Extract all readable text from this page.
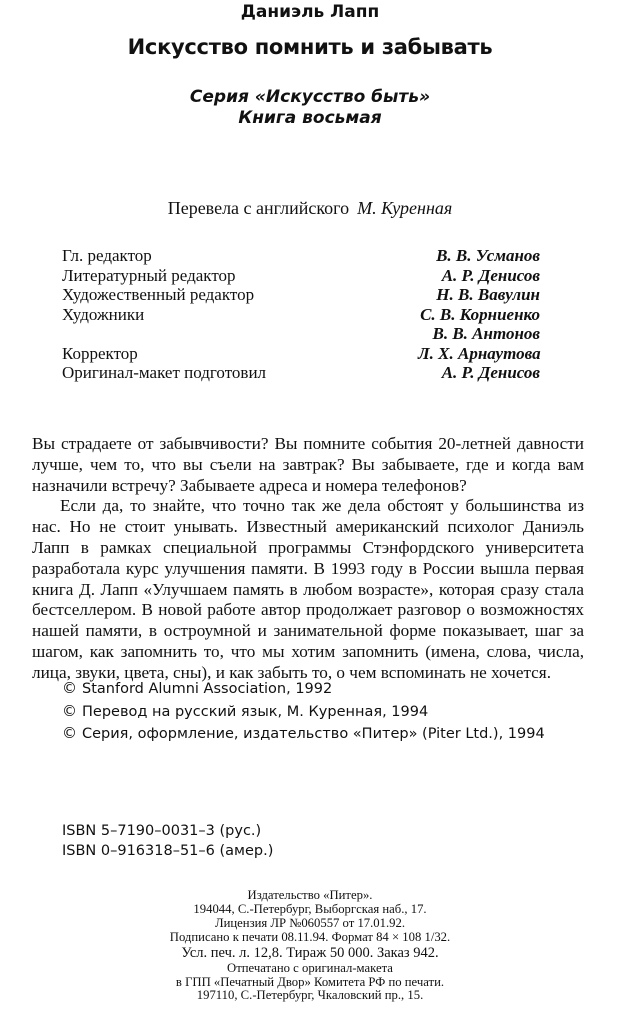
Даниэль Лапп
Искусство помнить и забывать
Серия «Искусство быть»
Книга восьмая
Перевела с английского М. Куренная
Гл. редактор	В. В. Усманов
Литературный редактор	А. Р. Денисов
Художественный редактор	Н. В. Вавулин
Художники	С. В. Корниенко
В. В. Антонов
Корректор	Л. Х. Арнаутова
Оригинал-макет подготовил	А. Р. Денисов

Вы страдаете от забывчивости? Вы помните события 20-летней давности лучше, чем то, что вы съели на завтрак? Вы забываете, где и когда вам назначили встречу? Забываете адреса и номера телефонов?

Если да, то знайте, что точно так же дела обстоят у большинства из нас. Но не стоит унывать. Известный американский психолог Даниэль Лапп в рамках специальной программы Стэнфордского университета разработала курс улучшения памяти. В 1993 году в России вышла первая книга Д. Лапп «Улучшаем память в любом возрасте», которая сразу стала бестселлером. В новой работе автор продолжает разговор о возможностях нашей памяти, в остроумной и занимательной форме показывает, шаг за шагом, как запомнить то, что мы хотим запомнить (имена, слова, числа, лица, звуки, цвета, сны), и как забыть то, о чем вспоминать не хочется.

© Stanford Alumni Association, 1992
© Перевод на русский язык, М. Куренная, 1994
© Серия, оформление, издательство «Питер» (Piter Ltd.), 1994
ISBN 5–7190–0031–3 (рус.)
ISBN 0–916318–51–6 (амер.)
Издательство «Питер».
194044, С.-Петербург, Выборгская наб., 17.
Лицензия ЛР №060557 от 17.01.92.
Подписано к печати 08.11.94. Формат 84 × 108 1/32.
Усл. печ. л. 12,8. Тираж 50 000. Заказ 942.
Отпечатано с оригинал-макета
в ГПП «Печатный Двор» Комитета РФ по печати.
197110, С.-Петербург, Чкаловский пр., 15.
